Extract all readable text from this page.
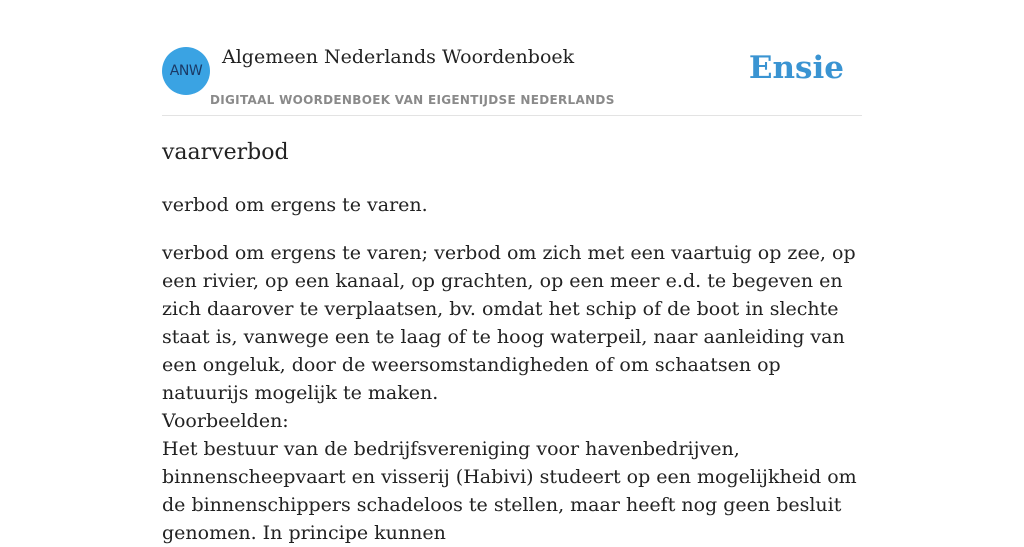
ANW
Algemeen Nederlands Woordenboek
DIGITAAL WOORDENBOEK VAN EIGENTIJDSE NEDERLANDS
Ensie
vaarverbod

verbod om ergens te varen.

verbod om ergens te varen; verbod om zich met een vaartuig op zee, op een rivier, op een kanaal, op grachten, op een meer e.d. te begeven en zich daarover te verplaatsen, bv. omdat het schip of de boot in slechte staat is, vanwege een te laag of te hoog waterpeil, naar aanleiding van een ongeluk, door de weersomstandigheden of om schaatsen op natuurijs mogelijk te maken.

Voorbeelden:

Het bestuur van de bedrijfsvereniging voor havenbedrijven, binnenscheepvaart en visserij (Habivi) studeert op een mogelijkheid om de binnenschippers schadeloos te stellen, maar heeft nog geen besluit genomen. In principe kunnen
